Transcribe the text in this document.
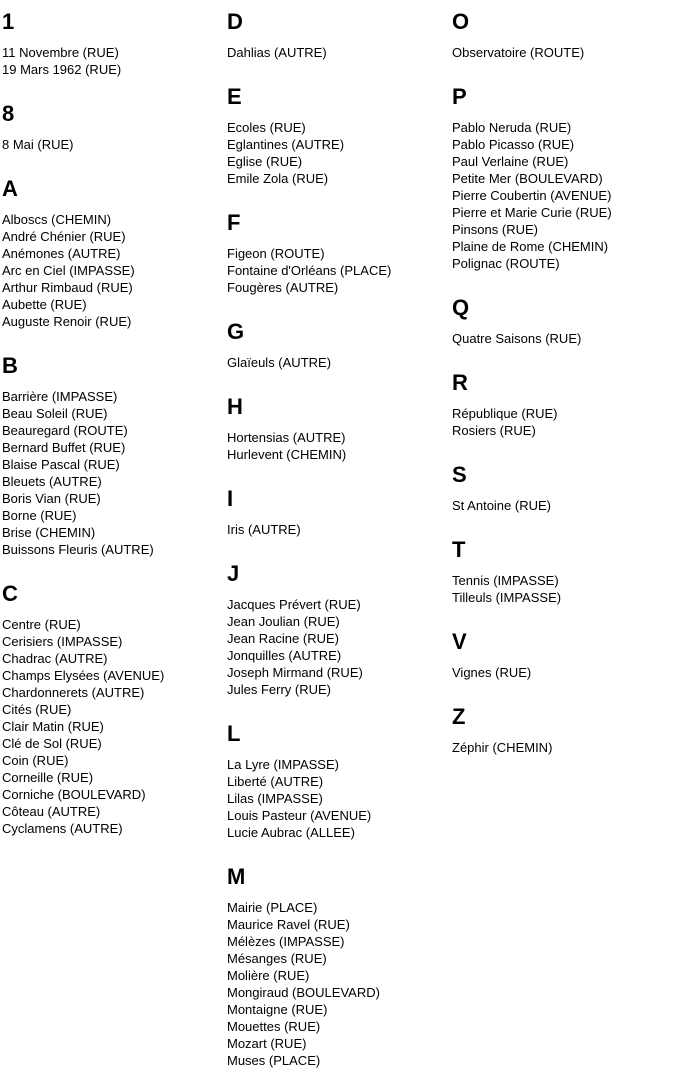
1
11 Novembre (RUE)
19 Mars 1962 (RUE)
8
8 Mai (RUE)
A
Alboscs (CHEMIN)
André Chénier (RUE)
Anémones (AUTRE)
Arc en Ciel (IMPASSE)
Arthur Rimbaud (RUE)
Aubette (RUE)
Auguste Renoir (RUE)
B
Barrière (IMPASSE)
Beau Soleil (RUE)
Beauregard (ROUTE)
Bernard Buffet (RUE)
Blaise Pascal (RUE)
Bleuets (AUTRE)
Boris Vian (RUE)
Borne (RUE)
Brise (CHEMIN)
Buissons Fleuris (AUTRE)
C
Centre (RUE)
Cerisiers (IMPASSE)
Chadrac (AUTRE)
Champs Elysées (AVENUE)
Chardonnerets (AUTRE)
Cités (RUE)
Clair Matin (RUE)
Clé de Sol (RUE)
Coin (RUE)
Corneille (RUE)
Corniche (BOULEVARD)
Côteau (AUTRE)
Cyclamens (AUTRE)
D
Dahlias (AUTRE)
E
Ecoles (RUE)
Eglantines (AUTRE)
Eglise (RUE)
Emile Zola (RUE)
F
Figeon (ROUTE)
Fontaine d'Orléans (PLACE)
Fougères (AUTRE)
G
Glaïeuls (AUTRE)
H
Hortensias (AUTRE)
Hurlevent (CHEMIN)
I
Iris (AUTRE)
J
Jacques Prévert (RUE)
Jean Joulian (RUE)
Jean Racine (RUE)
Jonquilles (AUTRE)
Joseph Mirmand (RUE)
Jules Ferry (RUE)
L
La Lyre (IMPASSE)
Liberté (AUTRE)
Lilas (IMPASSE)
Louis Pasteur (AVENUE)
Lucie Aubrac (ALLEE)
M
Mairie (PLACE)
Maurice Ravel (RUE)
Mélèzes (IMPASSE)
Mésanges (RUE)
Molière (RUE)
Mongiraud (BOULEVARD)
Montaigne (RUE)
Mouettes (RUE)
Mozart (RUE)
Muses (PLACE)
O
Observatoire (ROUTE)
P
Pablo Neruda (RUE)
Pablo Picasso (RUE)
Paul Verlaine (RUE)
Petite Mer (BOULEVARD)
Pierre Coubertin (AVENUE)
Pierre et Marie Curie (RUE)
Pinsons (RUE)
Plaine de Rome (CHEMIN)
Polignac (ROUTE)
Q
Quatre Saisons (RUE)
R
République (RUE)
Rosiers (RUE)
S
St Antoine (RUE)
T
Tennis (IMPASSE)
Tilleuls (IMPASSE)
V
Vignes (RUE)
Z
Zéphir (CHEMIN)
